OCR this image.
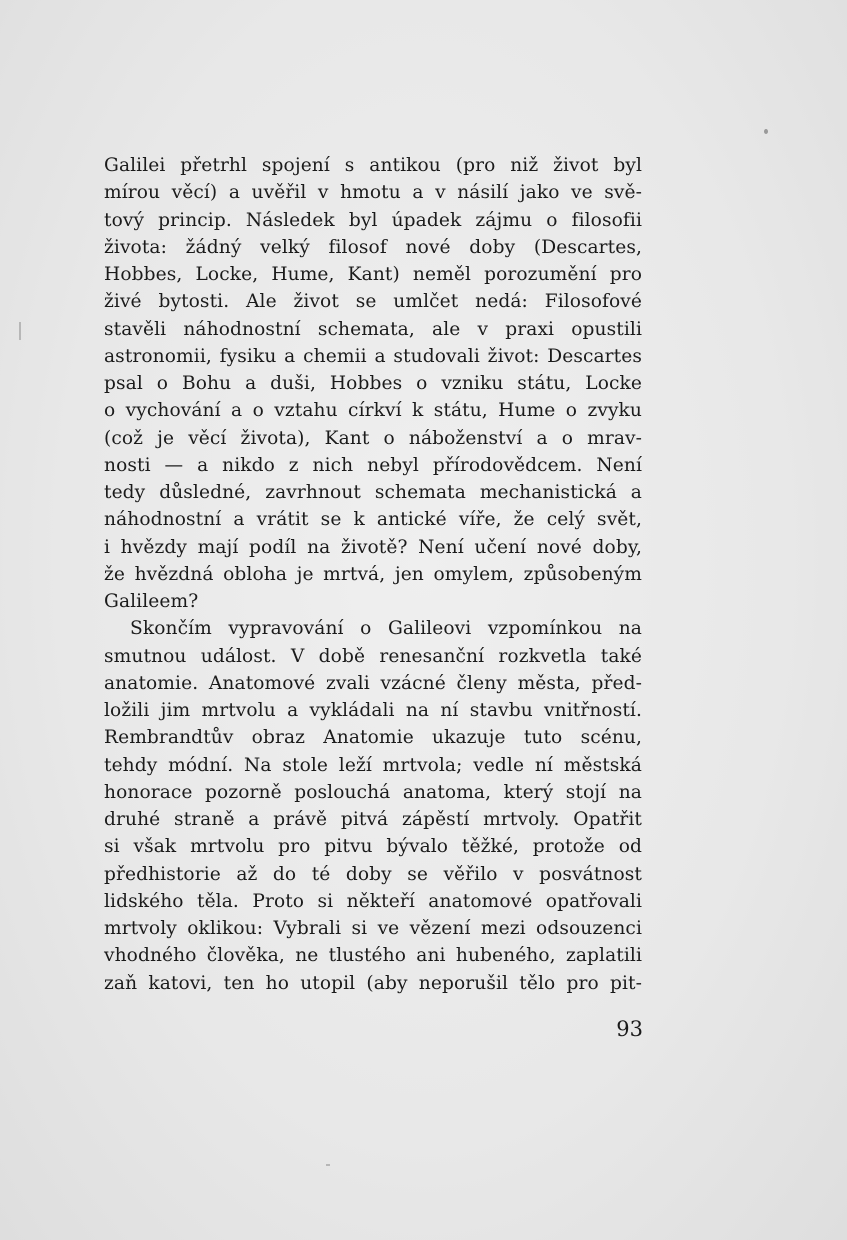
Galilei přetrhl spojení s antikou (pro niž život byl
mírou věcí) a uvěřil v hmotu a v násilí jako ve svě-
tový princip. Následek byl úpadek zájmu o filosofii
života: žádný velký filosof nové doby (Descartes,
Hobbes, Locke, Hume, Kant) neměl porozumění pro
živé bytosti. Ale život se umlčet nedá: Filosofové
stavěli náhodnostní schemata, ale v praxi opustili
astronomii, fysiku a chemii a studovali život: Descartes
psal o Bohu a duši, Hobbes o vzniku státu, Locke
o vychování a o vztahu církví k státu, Hume o zvyku
(což je věcí života), Kant o náboženství a o mrav-
nosti — a nikdo z nich nebyl přírodovědcem. Není
tedy důsledné, zavrhnout schemata mechanistická a
náhodnostní a vrátit se k antické víře, že celý svět,
i hvězdy mají podíl na životě? Není učení nové doby,
že hvězdná obloha je mrtvá, jen omylem, způsobeným
Galileem?
Skončím vypravování o Galileovi vzpomínkou na
smutnou událost. V době renesanční rozkvetla také
anatomie. Anatomové zvali vzácné členy města, před-
ložili jim mrtvolu a vykládali na ní stavbu vnitřností.
Rembrandtův obraz Anatomie ukazuje tuto scénu,
tehdy módní. Na stole leží mrtvola; vedle ní městská
honorace pozorně poslouchá anatoma, který stojí na
druhé straně a právě pitvá zápěstí mrtvoly. Opatřit
si však mrtvolu pro pitvu bývalo těžké, protože od
předhistorie až do té doby se věřilo v posvátnost
lidského těla. Proto si někteří anatomové opatřovali
mrtvoly oklikou: Vybrali si ve vězení mezi odsouzenci
vhodného člověka, ne tlustého ani hubeného, zaplatili
zaň katovi, ten ho utopil (aby neporušil tělo pro pit-
93
